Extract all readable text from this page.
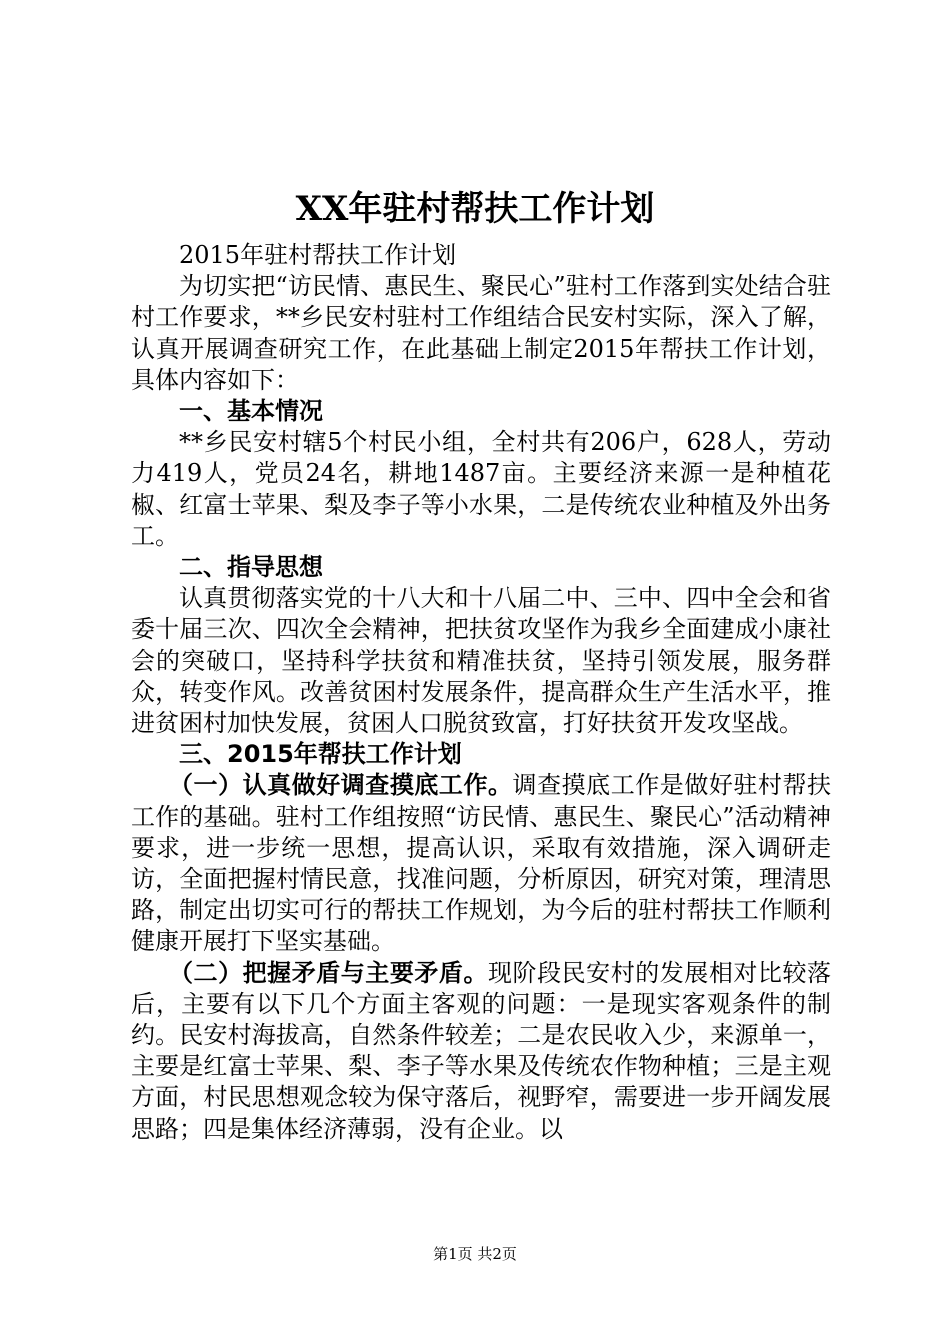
XX年驻村帮扶工作计划

2015年驻村帮扶工作计划

为切实把“访民情、惠民生、聚民心”驻村工作落到实处结合驻村工作要求，**乡民安村驻村工作组结合民安村实际，深入了解，认真开展调查研究工作，在此基础上制定2015年帮扶工作计划，具体内容如下：

一、基本情况

**乡民安村辖5个村民小组，全村共有206户，628人，劳动力419人，党员24名，耕地1487亩。主要经济来源一是种植花椒、红富士苹果、梨及李子等小水果，二是传统农业种植及外出务工。

二、指导思想

认真贯彻落实党的十八大和十八届二中、三中、四中全会和省委十届三次、四次全会精神，把扶贫攻坚作为我乡全面建成小康社会的突破口，坚持科学扶贫和精准扶贫，坚持引领发展，服务群众，转变作风。改善贫困村发展条件，提高群众生产生活水平，推进贫困村加快发展，贫困人口脱贫致富，打好扶贫开发攻坚战。

三、2015年帮扶工作计划

（一）认真做好调查摸底工作。调查摸底工作是做好驻村帮扶工作的基础。驻村工作组按照“访民情、惠民生、聚民心”活动精神要求，进一步统一思想，提高认识，采取有效措施，深入调研走访，全面把握村情民意，找准问题，分析原因，研究对策，理清思路，制定出切实可行的帮扶工作规划，为今后的驻村帮扶工作顺利健康开展打下坚实基础。

（二）把握矛盾与主要矛盾。现阶段民安村的发展相对比较落后，主要有以下几个方面主客观的问题：一是现实客观条件的制约。民安村海拔高，自然条件较差；二是农民收入少，来源单一，主要是红富士苹果、梨、李子等水果及传统农作物种植；三是主观方面，村民思想观念较为保守落后，视野窄，需要进一步开阔发展思路；四是集体经济薄弱，没有企业。以

第1页 共2页
